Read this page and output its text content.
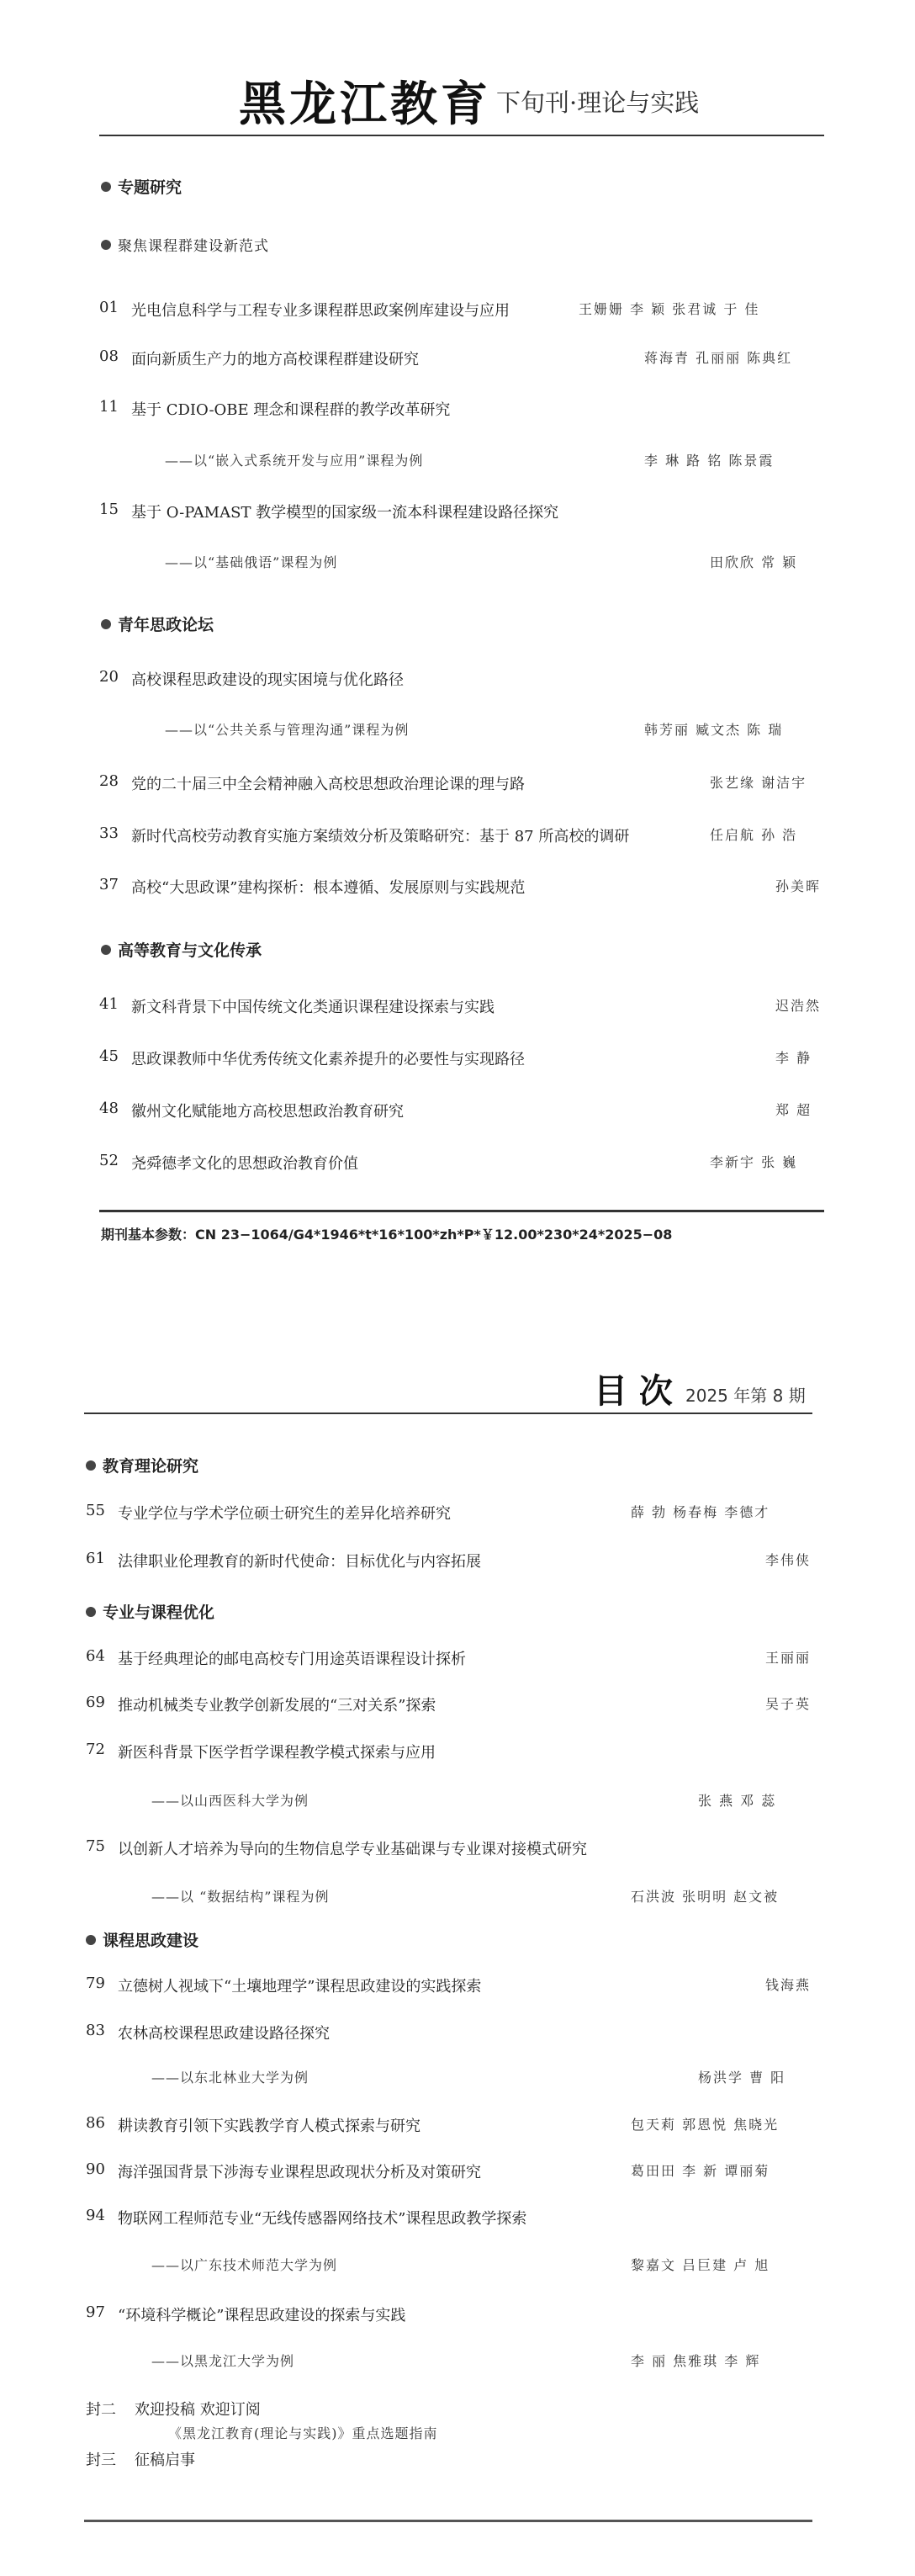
黑龙江教育 下旬刊·理论与实践
专题研究
聚焦课程群建设新范式
01 光电信息科学与工程专业多课程群思政案例库建设与应用	王姗姗 李 颖 张君诚 于 佳
08 面向新质生产力的地方高校课程群建设研究	蒋海青 孔丽丽 陈典红
11 基于 CDIO-OBE 理念和课程群的教学改革研究
——以“嵌入式系统开发与应用”课程为例	李 琳 路 铭 陈景霞
15 基于 O-PAMAST 教学模型的国家级一流本科课程建设路径探究
——以“基础俄语”课程为例	田欣欣 常 颖
青年思政论坛
20 高校课程思政建设的现实困境与优化路径
——以“公共关系与管理沟通”课程为例	韩芳丽 臧文杰 陈 瑞
28 党的二十届三中全会精神融入高校思想政治理论课的理与路	张艺缘 谢洁宇
33 新时代高校劳动教育实施方案绩效分析及策略研究：基于 87 所高校的调研	任启航 孙 浩
37 高校“大思政课”建构探析：根本遵循、发展原则与实践规范	孙美晖
高等教育与文化传承
41 新文科背景下中国传统文化类通识课程建设探索与实践	迟浩然
45 思政课教师中华优秀传统文化素养提升的必要性与实现路径	李 静
48 徽州文化赋能地方高校思想政治教育研究	郑 超
52 尧舜德孝文化的思想政治教育价值	李新宇 张 巍
期刊基本参数：CN 23−1064/G4*1946*t*16*100*zh*P*￥12.00*230*24*2025−08
目 次 2025 年第 8 期
教育理论研究
55 专业学位与学术学位硕士研究生的差异化培养研究	薛 勃 杨春梅 李德才
61 法律职业伦理教育的新时代使命：目标优化与内容拓展	李伟侠
专业与课程优化
64 基于经典理论的邮电高校专门用途英语课程设计探析	王丽丽
69 推动机械类专业教学创新发展的“三对关系”探索	吴子英
72 新医科背景下医学哲学课程教学模式探索与应用
——以山西医科大学为例	张 燕 邓 蕊
75 以创新人才培养为导向的生物信息学专业基础课与专业课对接模式研究
——以 “数据结构”课程为例	石洪波 张明明 赵文被
课程思政建设
79 立德树人视域下“土壤地理学”课程思政建设的实践探索	钱海燕
83 农林高校课程思政建设路径探究
——以东北林业大学为例	杨洪学 曹 阳
86 耕读教育引领下实践教学育人模式探索与研究	包天莉 郭恩悦 焦晓光
90 海洋强国背景下涉海专业课程思政现状分析及对策研究	葛田田 李 新 谭丽菊
94 物联网工程师范专业“无线传感器网络技术”课程思政教学探索
——以广东技术师范大学为例	黎嘉文 吕巨建 卢 旭
97 “环境科学概论”课程思政建设的探索与实践
——以黑龙江大学为例	李 丽 焦雅琪 李 辉
封二 欢迎投稿 欢迎订阅
《黑龙江教育(理论与实践)》重点选题指南
封三 征稿启事
